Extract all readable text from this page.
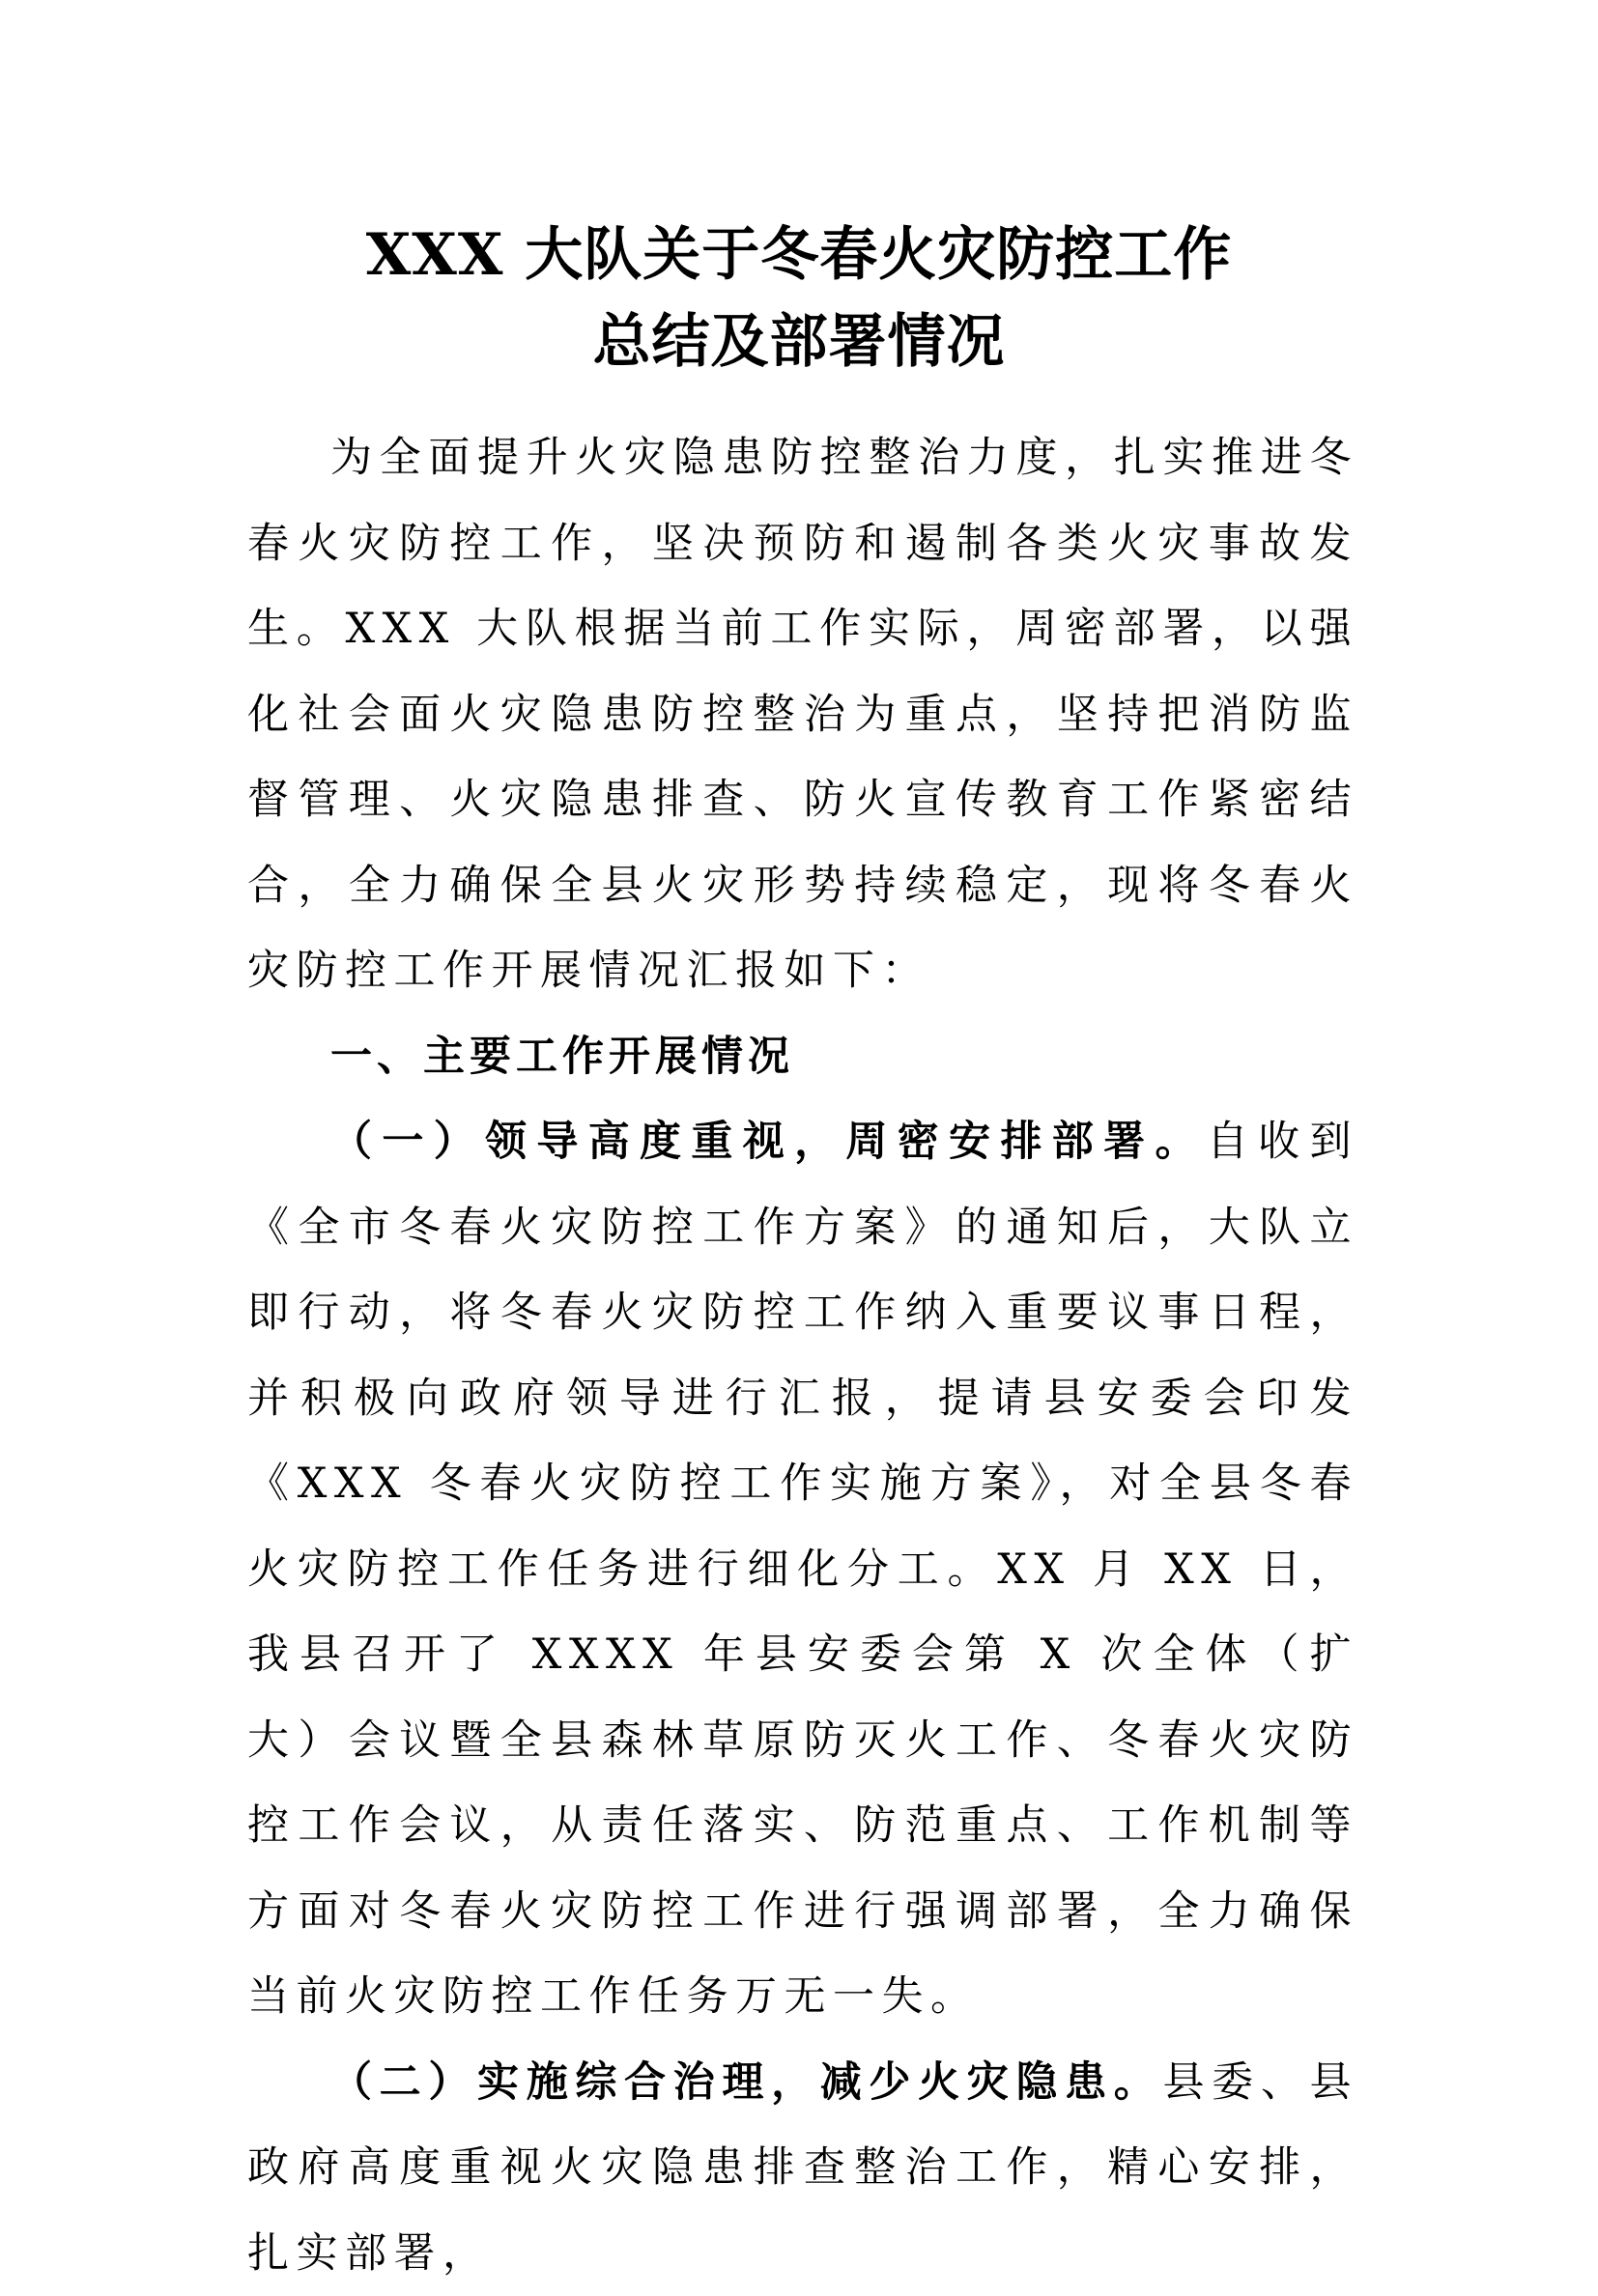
XXX 大队关于冬春火灾防控工作
总结及部署情况

为全面提升火灾隐患防控整治力度，扎实推进冬春火灾防控工作，坚决预防和遏制各类火灾事故发生。XXX 大队根据当前工作实际，周密部署，以强化社会面火灾隐患防控整治为重点，坚持把消防监督管理、火灾隐患排查、防火宣传教育工作紧密结合，全力确保全县火灾形势持续稳定，现将冬春火灾防控工作开展情况汇报如下：

一、主要工作开展情况

（一）领导高度重视，周密安排部署。自收到《全市冬春火灾防控工作方案》的通知后，大队立即行动，将冬春火灾防控工作纳入重要议事日程，并积极向政府领导进行汇报，提请县安委会印发《XXX 冬春火灾防控工作实施方案》，对全县冬春火灾防控工作任务进行细化分工。XX 月 XX 日，我县召开了 XXXX 年县安委会第 X 次全体（扩大）会议暨全县森林草原防灭火工作、冬春火灾防控工作会议，从责任落实、防范重点、工作机制等方面对冬春火灾防控工作进行强调部署，全力确保当前火灾防控工作任务万无一失。

（二）实施综合治理，减少火灾隐患。县委、县政府高度重视火灾隐患排查整治工作，精心安排，扎实部署，
